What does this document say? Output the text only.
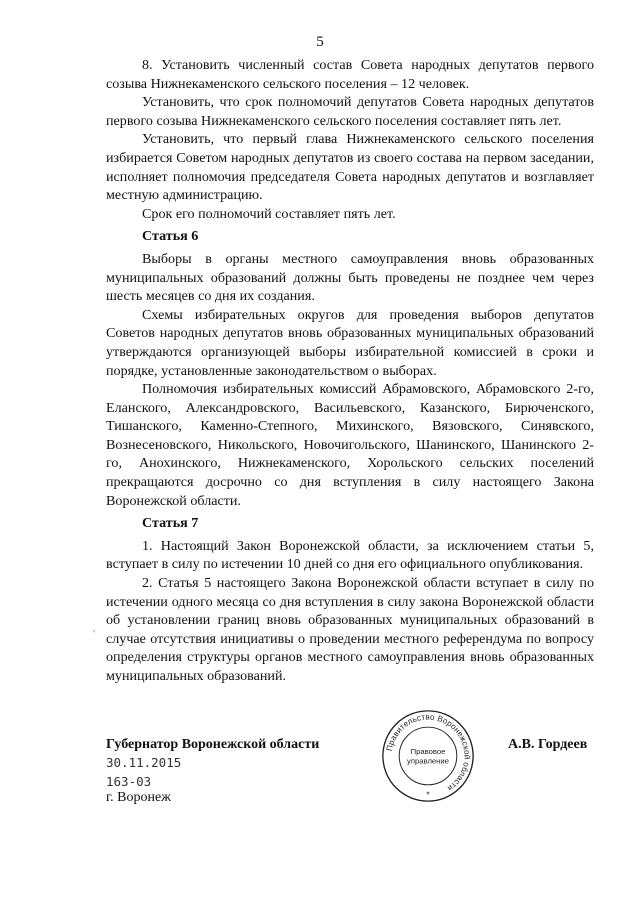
5

8. Установить численный состав Совета народных депутатов первого созыва Нижнекаменского сельского поселения – 12 человек.

Установить, что срок полномочий депутатов Совета народных депутатов первого созыва Нижнекаменского сельского поселения составляет пять лет.

Установить, что первый глава Нижнекаменского сельского поселения избирается Советом народных депутатов из своего состава на первом заседании, исполняет полномочия председателя Совета народных депутатов и возглавляет местную администрацию.

Срок его полномочий составляет пять лет.

Статья 6

Выборы в органы местного самоуправления вновь образованных муниципальных образований должны быть проведены не позднее чем через шесть месяцев со дня их создания.

Схемы избирательных округов для проведения выборов депутатов Советов народных депутатов вновь образованных муниципальных образований утверждаются организующей выборы избирательной комиссией в сроки и порядке, установленные законодательством о выборах.

Полномочия избирательных комиссий Абрамовского, Абрамовского 2-го, Еланского, Александровского, Васильевского, Казанского, Бирюченского, Тишанского, Каменно-Степного, Михинского, Вязовского, Синявского, Вознесеновского, Никольского, Новочигольского, Шанинского, Шанинского 2-го, Анохинского, Нижнекаменского, Хорольского сельских поселений прекращаются досрочно со дня вступления в силу настоящего Закона Воронежской области.

Статья 7

1. Настоящий Закон Воронежской области, за исключением статьи 5, вступает в силу по истечении 10 дней со дня его официального опубликования.

2. Статья 5 настоящего Закона Воронежской области вступает в силу по истечении одного месяца со дня вступления в силу закона Воронежской области об установлении границ вновь образованных муниципальных образований в случае отсутствия инициативы о проведении местного референдума по вопросу определения структуры органов местного самоуправления вновь образованных муниципальных образований.

'
Губернатор Воронежской области	А.В. Гордеев
30.11.2015
163-03
г. Воронеж
Правительство Воронежской области
Правовое
управление
*
